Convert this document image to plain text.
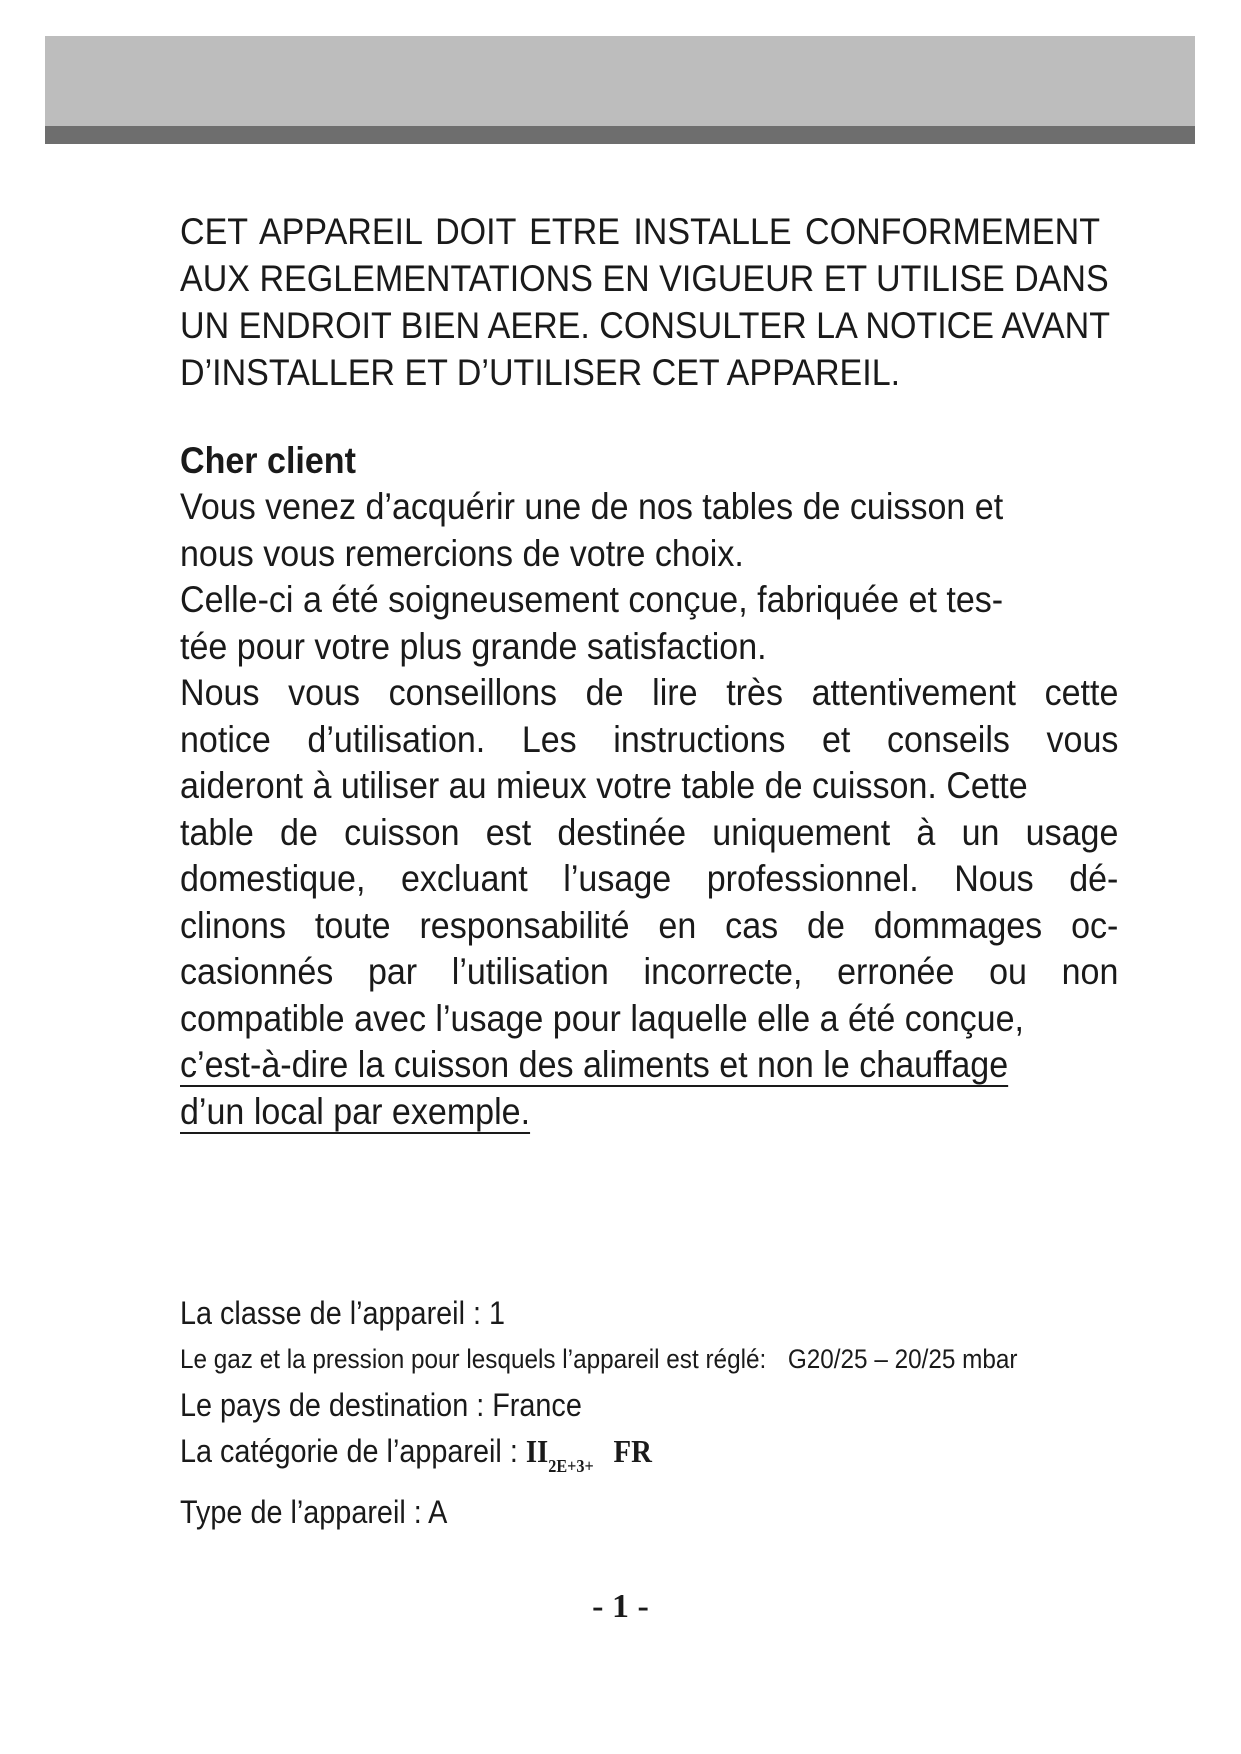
CET APPAREIL DOIT ETRE INSTALLE CONFORMEMENT
AUX REGLEMENTATIONS EN VIGUEUR ET UTILISE DANS
UN ENDROIT BIEN AERE. CONSULTER LA NOTICE AVANT
D’INSTALLER ET D’UTILISER CET APPAREIL.
Cher client
Vous venez d’acquérir une de nos tables de cuisson et
nous vous remercions de votre choix.
Celle-ci a été soigneusement conçue, fabriquée et tes-
tée pour votre plus grande satisfaction.
Nous vous conseillons de lire très attentivement cette
notice d’utilisation. Les instructions et conseils vous
aideront à utiliser au mieux votre table de cuisson. Cette
table de cuisson est destinée uniquement à un usage
domestique, excluant l’usage professionnel. Nous dé-
clinons toute responsabilité en cas de dommages oc-
casionnés par l’utilisation incorrecte, erronée ou non
compatible avec l’usage pour laquelle elle a été conçue,
c’est-à-dire la cuisson des aliments et non le chauffage
d’un local par exemple.
La classe de l’appareil : 1
Le gaz et la pression pour lesquels l’appareil est réglé: G20/25 – 20/25 mbar
Le pays de destination : France
La catégorie de l’appareil : $II_{2E+3+}$ FR
Type de l’appareil : A
- 1 -
